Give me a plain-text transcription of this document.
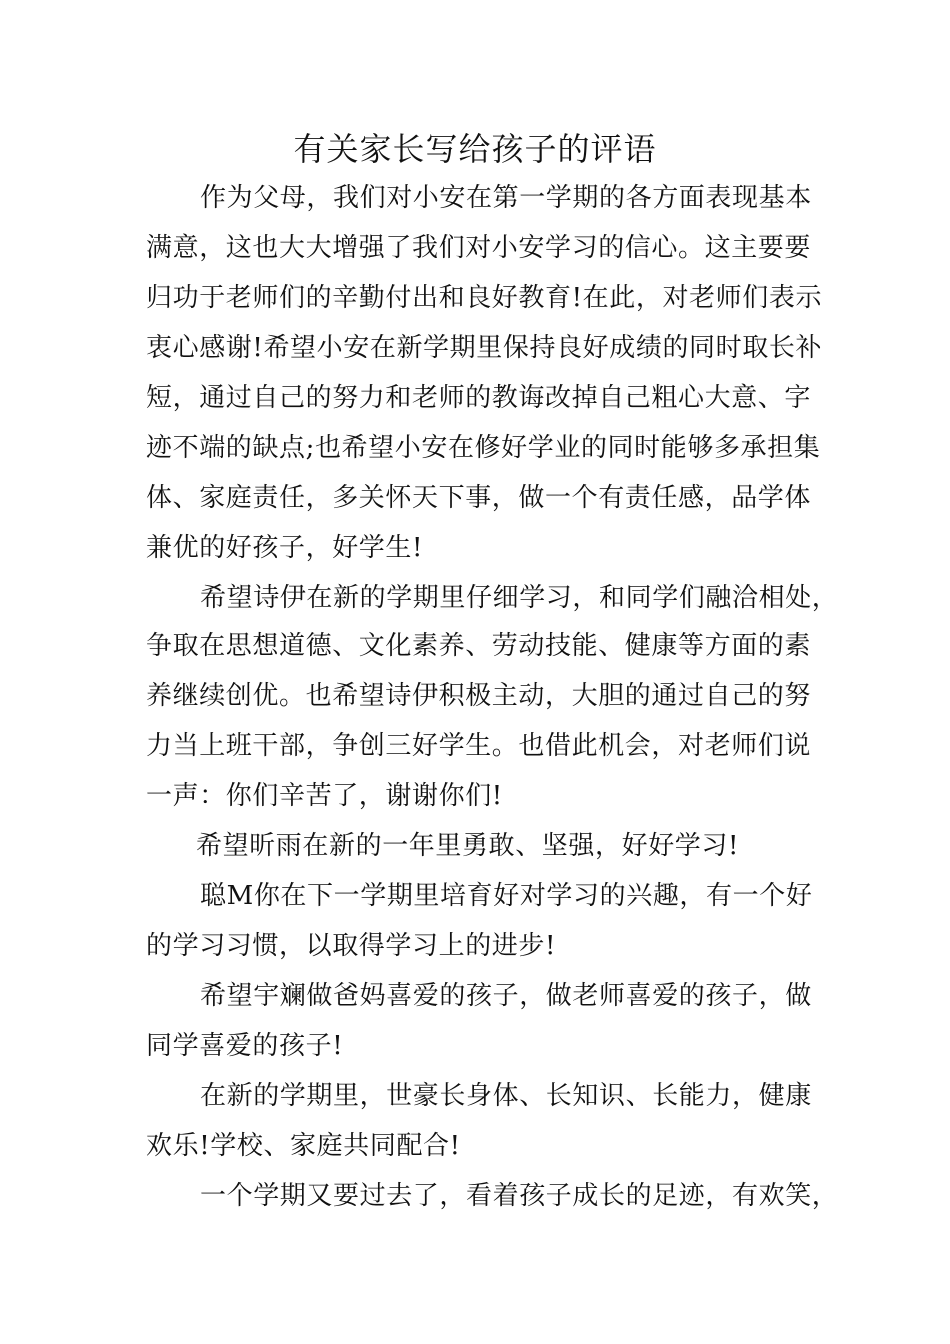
有关家长写给孩子的评语
作为父母，我们对小安在第一学期的各方面表现基本
满意，这也大大增强了我们对小安学习的信心。这主要要
归功于老师们的辛勤付出和良好教育!在此，对老师们表示
衷心感谢!希望小安在新学期里保持良好成绩的同时取长补
短，通过自己的努力和老师的教诲改掉自己粗心大意、字
迹不端的缺点;也希望小安在修好学业的同时能够多承担集
体、家庭责任，多关怀天下事，做一个有责任感，品学体
兼优的好孩子，好学生!
希望诗伊在新的学期里仔细学习，和同学们融洽相处，
争取在思想道德、文化素养、劳动技能、健康等方面的素
养继续创优。也希望诗伊积极主动，大胆的通过自己的努
力当上班干部，争创三好学生。也借此机会，对老师们说
一声：你们辛苦了，谢谢你们!
希望昕雨在新的一年里勇敢、坚强，好好学习!
聪M你在下一学期里培育好对学习的兴趣，有一个好
的学习习惯，以取得学习上的进步!
希望宇斓做爸妈喜爱的孩子，做老师喜爱的孩子，做
同学喜爱的孩子!
在新的学期里，世豪长身体、长知识、长能力，健康
欢乐!学校、家庭共同配合!
一个学期又要过去了，看着孩子成长的足迹，有欢笑，
